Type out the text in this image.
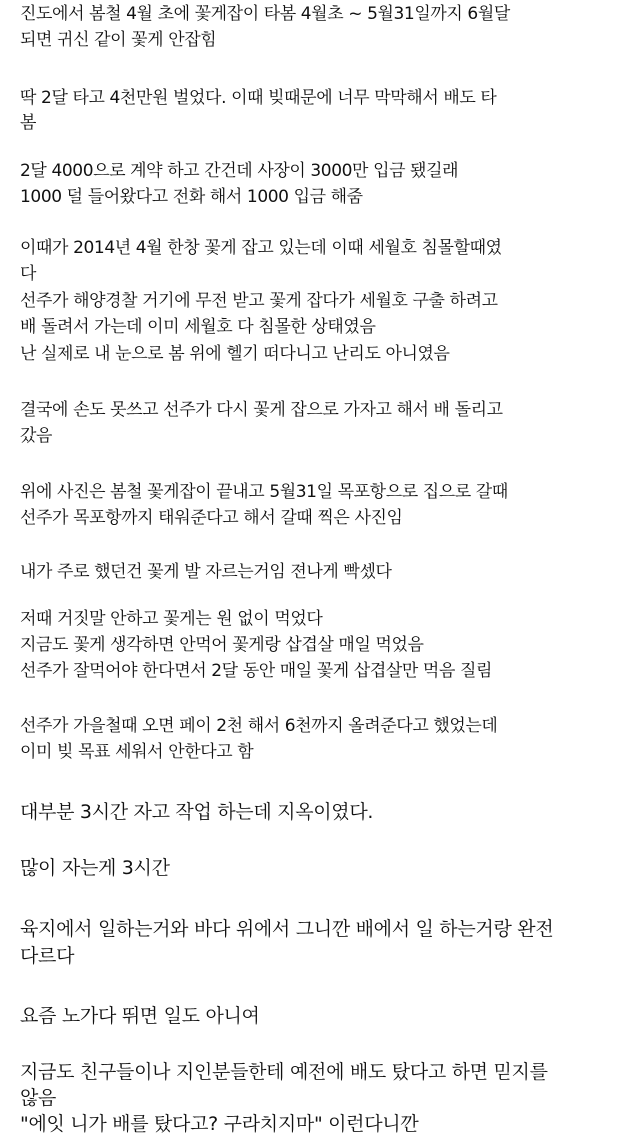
진도에서 봄철 4월 초에 꽃게잡이 타봄 4월초 ~ 5월31일까지 6월달
되면 귀신 같이 꽃게 안잡힘
딱 2달 타고 4천만원 벌었다. 이때 빚때문에 너무 막막해서 배도 타
봄
2달 4000으로 계약 하고 간건데 사장이 3000만 입금 됐길래
1000 덜 들어왔다고 전화 해서 1000 입금 해줌
이때가 2014년 4월 한창 꽃게 잡고 있는데 이때 세월호 침몰할때였
다
선주가 해양경찰 거기에 무전 받고 꽃게 잡다가 세월호 구출 하려고
배 돌려서 가는데 이미 세월호 다 침몰한 상태였음
난 실제로 내 눈으로 봄 위에 헬기 떠다니고 난리도 아니였음
결국에 손도 못쓰고 선주가 다시 꽃게 잡으로 가자고 해서 배 돌리고
갔음
위에 사진은 봄철 꽃게잡이 끝내고 5월31일 목포항으로 집으로 갈때
선주가 목포항까지 태워준다고 해서 갈때 찍은 사진임
내가 주로 했던건 꽃게 발 자르는거임 젼나게 빡셌다
저때 거짓말 안하고 꽃게는 원 없이 먹었다
지금도 꽃게 생각하면 안먹어 꽃게랑 삽겹살 매일 먹었음
선주가 잘먹어야 한다면서 2달 동안 매일 꽃게 삽겹살만 먹음 질림
선주가 가을철때 오면 페이 2천 해서 6천까지 올려준다고 했었는데
이미 빚 목표 세워서 안한다고 함
대부분 3시간 자고 작업 하는데 지옥이였다.
많이 자는게 3시간
육지에서 일하는거와 바다 위에서 그니깐 배에서 일 하는거랑 완전
다르다
요즘 노가다 뛰면 일도 아니여
지금도 친구들이나 지인분들한테 예전에 배도 탔다고 하면 믿지를
않음
"에잇 니가 배를 탔다고? 구라치지마" 이런다니깐
